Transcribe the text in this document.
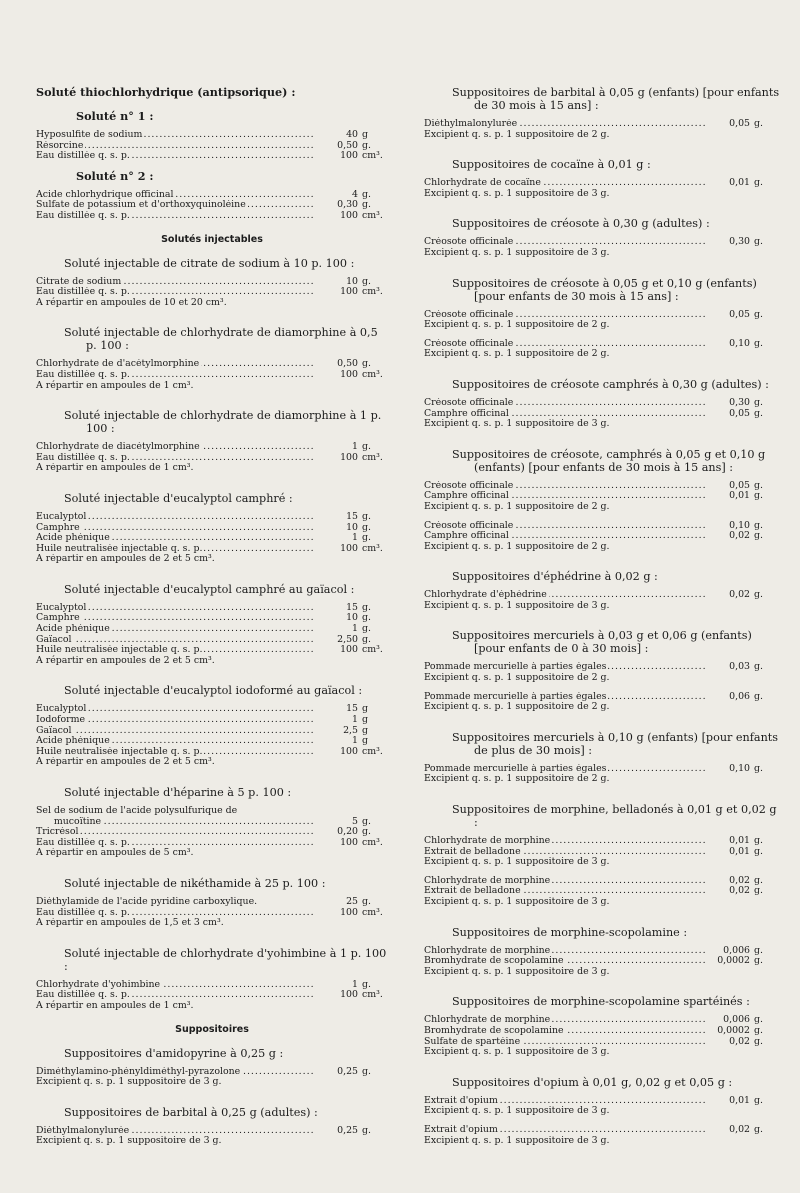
Soluté thiochlorhydrique (antipsorique) :
Soluté n° 1 :
Hyposulfite de sodium .....	40 g
Résorcine .....	0,50 g.
Eau distillée q. s. p. .....	100 cm³.
Soluté n° 2 :
Acide chlorhydrique officinal .....	4 g.
Sulfate de potassium et d'orthoxyquinoléine .....	0,30 g.
Eau distillée q. s. p. .....	100 cm³.
Solutés injectables
Soluté injectable de citrate de sodium à 10 p. 100 :
Citrate de sodium .....	10 g.
Eau distillée q. s. p. .....	100 cm³.
A répartir en ampoules de 10 et 20 cm³.
Soluté injectable de chlorhydrate de diamorphine à 0,5 p. 100 :
Chlorhydrate de d'acétylmorphine .....	0,50 g.
Eau distillée q. s. p. .....	100 cm³.
A répartir en ampoules de 1 cm³.
Soluté injectable de chlorhydrate de diamorphine à 1 p. 100 :
Chlorhydrate de diacétylmorphine .....	1 g.
Eau distillée q. s. p. .....	100 cm³.
A répartir en ampoules de 1 cm³.
Soluté injectable d'eucalyptol camphré :
Eucalyptol .....	15 g.
Camphre .....	10 g.
Acide phénique .....	1 g.
Huile neutralisée injectable q. s. p. .....	100 cm³.
A répartir en ampoules de 2 et 5 cm³.
Soluté injectable d'eucalyptol camphré au gaïacol :
Eucalyptol .....	15 g.
Camphre .....	10 g.
Acide phénique .....	1 g.
Gaïacol .....	2,50 g.
Huile neutralisée injectable q. s. p. .....	100 cm³.
A répartir en ampoules de 2 et 5 cm³.
Soluté injectable d'eucalyptol iodoformé au gaïacol :
Eucalyptol .....	15 g
Iodoforme .....	1 g
Gaïacol .....	2,5 g
Acide phénique .....	1 g
Huile neutralisée injectable q. s. p. .....	100 cm³.
A répartir en ampoules de 2 et 5 cm³.
Soluté injectable d'héparine à 5 p. 100 :
Sel de sodium de l'acide polysulfurique de
mucoïtine .....	5 g.
Tricrésol .....	0,20 g.
Eau distillée q. s. p. .....	100 cm³.
A répartir en ampoules de 5 cm³.
Soluté injectable de nikéthamide à 25 p. 100 :
Diéthylamide de l'acide pyridine carboxylique.	25 g.
Eau distillée q. s. p. .....	100 cm³.
A répartir en ampoules de 1,5 et 3 cm³.
Soluté injectable de chlorhydrate d'yohimbine à 1 p. 100 :
Chlorhydrate d'yohimbine .....	1 g.
Eau distillée q. s. p. .....	100 cm³.
A répartir en ampoules de 1 cm³.
Suppositoires
Suppositoires d'amidopyrine à 0,25 g :
Diméthylamino-phényldiméthyl-pyrazolone .....	0,25 g.
Excipient q. s. p. 1 suppositoire de 3 g.
Suppositoires de barbital à 0,25 g (adultes) :
Diéthylmalonylurée .....	0,25 g.
Excipient q. s. p. 1 suppositoire de 3 g.
Suppositoires de barbital à 0,05 g (enfants) [pour enfants de 30 mois à 15 ans] :
Diéthylmalonylurée .....	0,05 g.
Excipient q. s. p. 1 suppositoire de 2 g.
Suppositoires de cocaïne à 0,01 g :
Chlorhydrate de cocaïne .....	0,01 g.
Excipient q. s. p. 1 suppositoire de 3 g.
Suppositoires de créosote à 0,30 g (adultes) :
Créosote officinale .....	0,30 g.
Excipient q. s. p. 1 suppositoire de 3 g.
Suppositoires de créosote à 0,05 g et 0,10 g (enfants) [pour enfants de 30 mois à 15 ans] :
Créosote officinale .....	0,05 g.
Excipient q. s. p. 1 suppositoire de 2 g.
Créosote officinale .....	0,10 g.
Excipient q. s. p. 1 suppositoire de 2 g.
Suppositoires de créosote camphrés à 0,30 g (adultes) :
Créosote officinale .....	0,30 g.
Camphre officinal .....	0,05 g.
Excipient q. s. p. 1 suppositoire de 3 g.
Suppositoires de créosote, camphrés à 0,05 g et 0,10 g (enfants) [pour enfants de 30 mois à 15 ans] :
Créosote officinale .....	0,05 g.
Camphre officinal .....	0,01 g.
Excipient q. s. p. 1 suppositoire de 2 g.
Créosote officinale .....	0,10 g.
Camphre officinal .....	0,02 g.
Excipient q. s. p. 1 suppositoire de 2 g.
Suppositoires d'éphédrine à 0,02 g :
Chlorhydrate d'éphédrine .....	0,02 g.
Excipient q. s. p. 1 suppositoire de 3 g.
Suppositoires mercuriels à 0,03 g et 0,06 g (enfants) [pour enfants de 0 à 30 mois] :
Pommade mercurielle à parties égales .....	0,03 g.
Excipient q. s. p. 1 suppositoire de 2 g.
Pommade mercurielle à parties égales .....	0,06 g.
Excipient q. s. p. 1 suppositoire de 2 g.
Suppositoires mercuriels à 0,10 g (enfants) [pour enfants de plus de 30 mois] :
Pommade mercurielle à parties égales .....	0,10 g.
Excipient q. s. p. 1 suppositoire de 2 g.
Suppositoires de morphine, belladonés à 0,01 g et 0,02 g :
Chlorhydrate de morphine .....	0,01 g.
Extrait de belladone .....	0,01 g.
Excipient q. s. p. 1 suppositoire de 3 g.
Chlorhydrate de morphine .....	0,02 g.
Extrait de belladone .....	0,02 g.
Excipient q. s. p. 1 suppositoire de 3 g.
Suppositoires de morphine-scopolamine :
Chlorhydrate de morphine .....	0,006 g.
Bromhydrate de scopolamine .....	0,0002 g.
Excipient q. s. p. 1 suppositoire de 3 g.
Suppositoires de morphine-scopolamine spartéinés :
Chlorhydrate de morphine .....	0,006 g.
Bromhydrate de scopolamine .....	0,0002 g.
Sulfate de spartéine .....	0,02 g.
Excipient q. s. p. 1 suppositoire de 3 g.
Suppositoires d'opium à 0,01 g, 0,02 g et 0,05 g :
Extrait d'opium .....	0,01 g.
Excipient q. s. p. 1 suppositoire de 3 g.
Extrait d'opium .....	0,02 g.
Excipient q. s. p. 1 suppositoire de 3 g.
